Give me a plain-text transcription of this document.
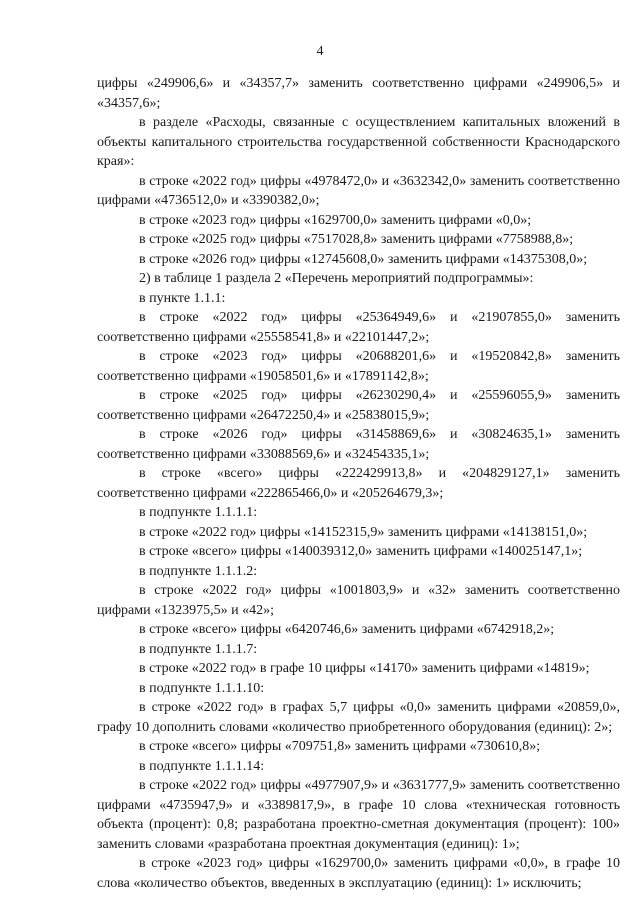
4

цифры «249906,6» и «34357,7» заменить соответственно цифрами «249906,5» и «34357,6»;

в разделе «Расходы, связанные с осуществлением капитальных вложений в объекты капитального строительства государственной собственности Краснодарского края»:

в строке «2022 год» цифры «4978472,0» и «3632342,0» заменить соответственно цифрами «4736512,0» и «3390382,0»;

в строке «2023 год» цифры «1629700,0» заменить цифрами «0,0»;

в строке «2025 год» цифры «7517028,8» заменить цифрами «7758988,8»;

в строке «2026 год» цифры «12745608,0» заменить цифрами «14375308,0»;

2) в таблице 1 раздела 2 «Перечень мероприятий подпрограммы»:

в пункте 1.1.1:

в строке «2022 год» цифры «25364949,6» и «21907855,0» заменить соответственно цифрами «25558541,8» и «22101447,2»;

в строке «2023 год» цифры «20688201,6» и «19520842,8» заменить соответственно цифрами «19058501,6» и «17891142,8»;

в строке «2025 год» цифры «26230290,4» и «25596055,9» заменить соответственно цифрами «26472250,4» и «25838015,9»;

в строке «2026 год» цифры «31458869,6» и «30824635,1» заменить соответственно цифрами «33088569,6» и «32454335,1»;

в строке «всего» цифры «222429913,8» и «204829127,1» заменить соответственно цифрами «222865466,0» и «205264679,3»;

в подпункте 1.1.1.1:

в строке «2022 год» цифры «14152315,9» заменить цифрами «14138151,0»;

в строке «всего» цифры «140039312,0» заменить цифрами «140025147,1»;

в подпункте 1.1.1.2:

в строке «2022 год» цифры «1001803,9» и «32» заменить соответственно цифрами «1323975,5» и «42»;

в строке «всего» цифры «6420746,6» заменить цифрами «6742918,2»;

в подпункте 1.1.1.7:

в строке «2022 год» в графе 10 цифры «14170» заменить цифрами «14819»;

в подпункте 1.1.1.10:

в строке «2022 год» в графах 5,7 цифры «0,0» заменить цифрами «20859,0», графу 10 дополнить словами «количество приобретенного оборудования (единиц): 2»;

в строке «всего» цифры «709751,8» заменить цифрами «730610,8»;

в подпункте 1.1.1.14:

в строке «2022 год» цифры «4977907,9» и «3631777,9» заменить соответственно цифрами «4735947,9» и «3389817,9», в графе 10 слова «техническая готовность объекта (процент): 0,8; разработана проектно-сметная документация (процент): 100» заменить словами «разработана проектная документация (единиц): 1»;

в строке «2023 год» цифры «1629700,0» заменить цифрами «0,0», в графе 10 слова «количество объектов, введенных в эксплуатацию (единиц): 1» исключить;
